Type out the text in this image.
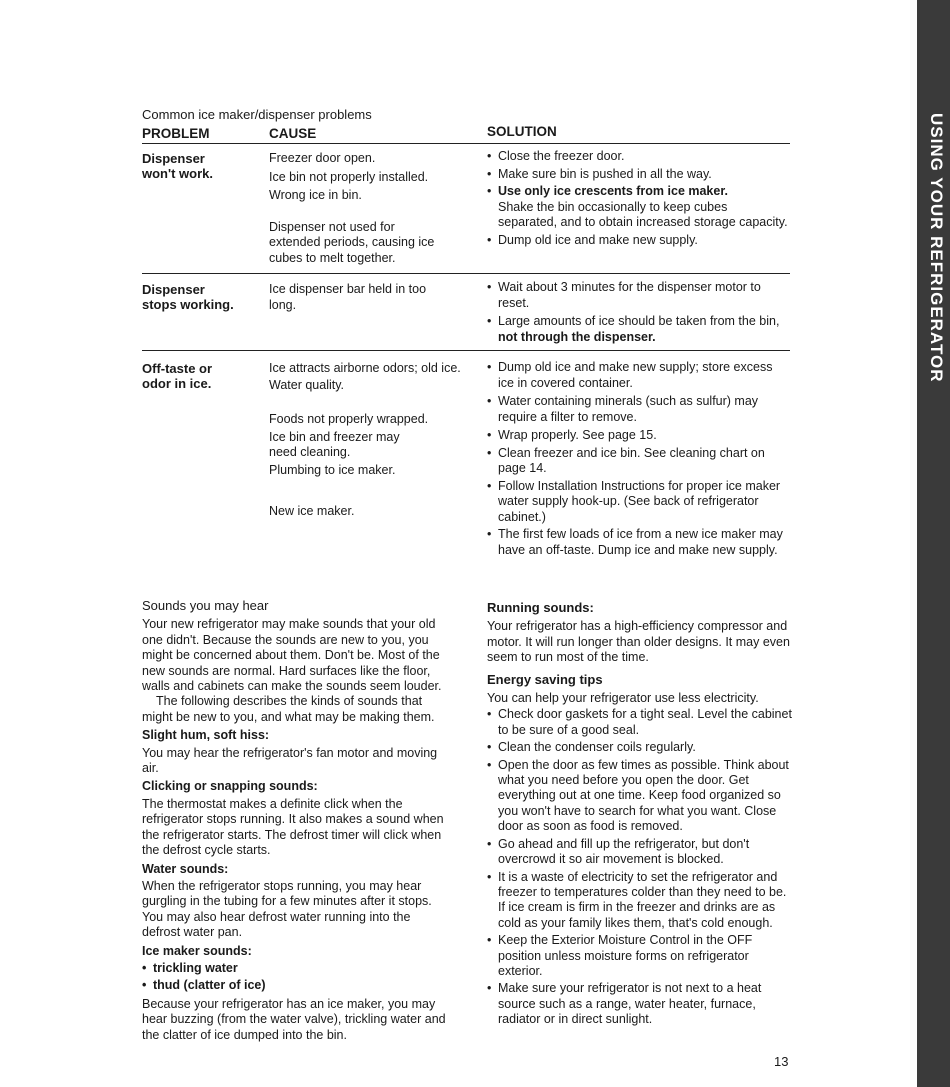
USING YOUR REFRIGERATOR
Common ice maker/dispenser problems
PROBLEM	CAUSE	SOLUTION
Dispenser
won't work.

Freezer door open.

Ice bin not properly installed.

Wrong ice in bin.

Dispenser not used for extended periods, causing ice cubes to melt together.

• Close the freezer door.
• Make sure bin is pushed in all the way.
• Use only ice crescents from ice maker.
Shake the bin occasionally to keep cubes separated, and to obtain increased storage capacity.
• Dump old ice and make new supply.
Dispenser
stops working.

Ice dispenser bar held in too long.

• Wait about 3 minutes for the dispenser motor to reset.
• Large amounts of ice should be taken from the bin, not through the dispenser.
Off-taste or
odor in ice.

Ice attracts airborne odors; old ice.

Water quality.

Foods not properly wrapped.

Ice bin and freezer may need cleaning.

Plumbing to ice maker.

New ice maker.

• Dump old ice and make new supply; store excess ice in covered container.
• Water containing minerals (such as sulfur) may require a filter to remove.
• Wrap properly. See page 15.
• Clean freezer and ice bin. See cleaning chart on page 14.
• Follow Installation Instructions for proper ice maker water supply hook-up. (See back of refrigerator cabinet.)
• The first few loads of ice from a new ice maker may have an off-taste. Dump ice and make new supply.
Sounds you may hear

Your new refrigerator may make sounds that your old one didn't. Because the sounds are new to you, you might be concerned about them. Don't be. Most of the new sounds are normal. Hard surfaces like the floor, walls and cabinets can make the sounds seem louder.

The following describes the kinds of sounds that might be new to you, and what may be making them.

Slight hum, soft hiss:

You may hear the refrigerator's fan motor and moving air.

Clicking or snapping sounds:

The thermostat makes a definite click when the refrigerator stops running. It also makes a sound when the refrigerator starts. The defrost timer will click when the defrost cycle starts.

Water sounds:

When the refrigerator stops running, you may hear gurgling in the tubing for a few minutes after it stops. You may also hear defrost water running into the defrost water pan.

Ice maker sounds:
• trickling water
• thud (clatter of ice)

Because your refrigerator has an ice maker, you may hear buzzing (from the water valve), trickling water and the clatter of ice dumped into the bin.

Running sounds:

Your refrigerator has a high-efficiency compressor and motor. It will run longer than older designs. It may even seem to run most of the time.

Energy saving tips

You can help your refrigerator use less electricity.

• Check door gaskets for a tight seal. Level the cabinet to be sure of a good seal.
• Clean the condenser coils regularly.
• Open the door as few times as possible. Think about what you need before you open the door. Get everything out at one time. Keep food organized so you won't have to search for what you want. Close door as soon as food is removed.
• Go ahead and fill up the refrigerator, but don't overcrowd it so air movement is blocked.
• It is a waste of electricity to set the refrigerator and freezer to temperatures colder than they need to be. If ice cream is firm in the freezer and drinks are as cold as your family likes them, that's cold enough.
• Keep the Exterior Moisture Control in the OFF position unless moisture forms on refrigerator exterior.
• Make sure your refrigerator is not next to a heat source such as a range, water heater, furnace, radiator or in direct sunlight.
13
